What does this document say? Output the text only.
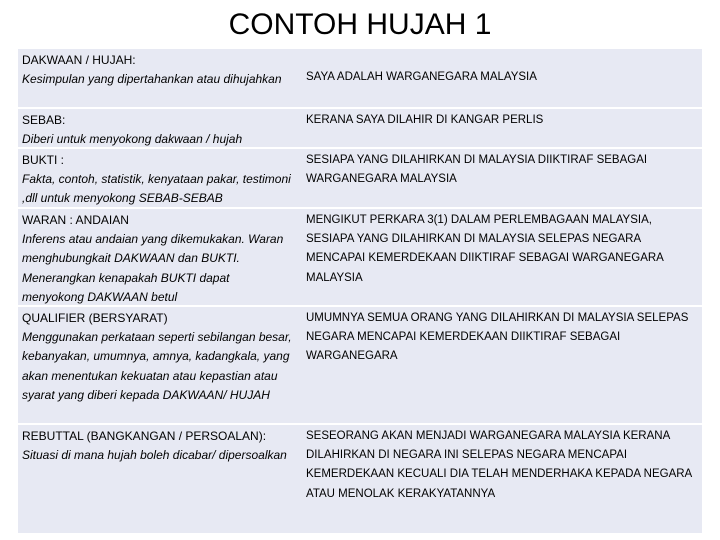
CONTOH HUJAH 1
DAKWAAN / HUJAH:
Kesimpulan yang dipertahankan atau dihujahkan	SAYA ADALAH WARGANEGARA MALAYSIA
SEBAB:
Diberi untuk menyokong dakwaan / hujah
KERANA SAYA DILAHIR DI KANGAR PERLIS
BUKTI :
Fakta, contoh, statistik, kenyataan pakar, testimoni ,dll untuk menyokong SEBAB-SEBAB
SESIAPA YANG DILAHIRKAN DI MALAYSIA DIIKTIRAF SEBAGAI WARGANEGARA MALAYSIA
WARAN : ANDAIAN
Inferens atau andaian yang dikemukakan. Waran menghubungkait DAKWAAN dan BUKTI. Menerangkan kenapakah BUKTI dapat menyokong DAKWAAN betul
MENGIKUT PERKARA 3(1) DALAM PERLEMBAGAAN MALAYSIA, SESIAPA YANG DILAHIRKAN DI MALAYSIA SELEPAS NEGARA MENCAPAI KEMERDEKAAN DIIKTIRAF SEBAGAI WARGANEGARA MALAYSIA
QUALIFIER (BERSYARAT)
Menggunakan perkataan seperti sebilangan besar, kebanyakan, umumnya, amnya, kadangkala, yang akan menentukan kekuatan atau kepastian atau syarat yang diberi kepada DAKWAAN/ HUJAH
UMUMNYA SEMUA ORANG YANG DILAHIRKAN DI MALAYSIA SELEPAS NEGARA MENCAPAI KEMERDEKAAN DIIKTIRAF SEBAGAI WARGANEGARA
REBUTTAL (BANGKANGAN / PERSOALAN):
Situasi di mana hujah boleh dicabar/ dipersoalkan
SESEORANG AKAN MENJADI WARGANEGARA MALAYSIA KERANA DILAHIRKAN DI NEGARA INI SELEPAS NEGARA MENCAPAI KEMERDEKAAN KECUALI DIA TELAH MENDERHAKA KEPADA NEGARA ATAU MENOLAK KERAKYATANNYA
